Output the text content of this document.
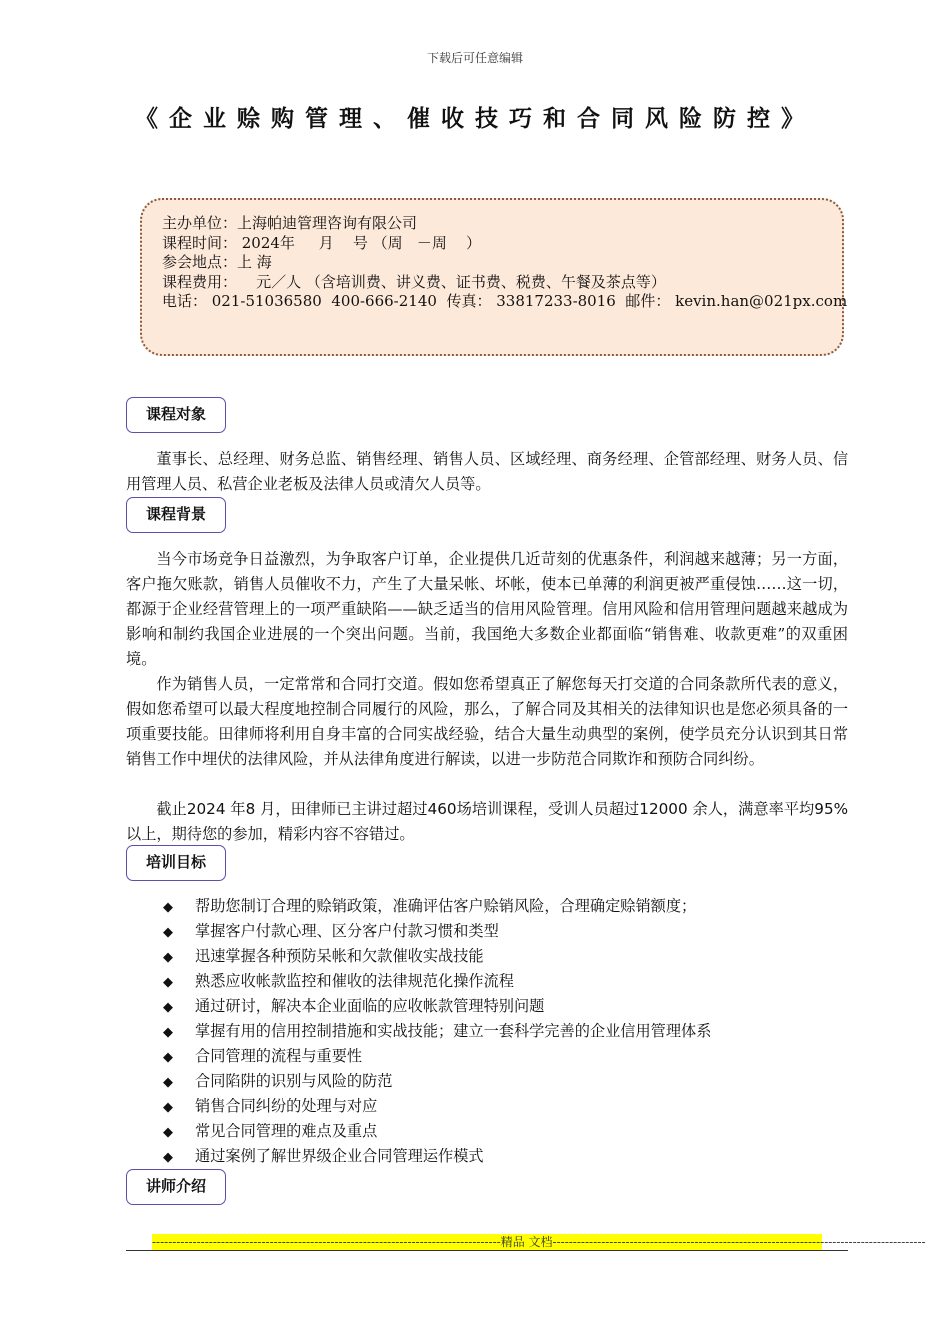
下载后可任意编辑
《企业赊购管理、催收技巧和合同风险防控》
主办单位：上海帕迪管理咨询有限公司
课程时间： 2024年     月    号 （周   －周    ）
参会地点：上 海
课程费用：    元／人 （含培训费、讲义费、证书费、税费、午餐及茶点等）
电话： 021-51036580  400-666-2140  传真： 33817233-8016  邮件： kevin.han@021px.com
课程对象

董事长、总经理、财务总监、销售经理、销售人员、区域经理、商务经理、企管部经理、财务人员、信用管理人员、私营企业老板及法律人员或清欠人员等。

课程背景

当今市场竞争日益激烈，为争取客户订单，企业提供几近苛刻的优惠条件，利润越来越薄；另一方面，客户拖欠账款，销售人员催收不力，产生了大量呆帐、坏帐，使本已单薄的利润更被严重侵蚀……这一切，都源于企业经营管理上的一项严重缺陷——缺乏适当的信用风险管理。信用风险和信用管理问题越来越成为影响和制约我国企业进展的一个突出问题。当前，我国绝大多数企业都面临“销售难、收款更难”的双重困境。

作为销售人员，一定常常和合同打交道。假如您希望真正了解您每天打交道的合同条款所代表的意义，假如您希望可以最大程度地控制合同履行的风险，那么，了解合同及其相关的法律知识也是您必须具备的一项重要技能。田律师将利用自身丰富的合同实战经验，结合大量生动典型的案例，使学员充分认识到其日常销售工作中埋伏的法律风险，并从法律角度进行解读，以进一步防范合同欺诈和预防合同纠纷。

截止2024 年8 月，田律师已主讲过超过460场培训课程，受训人员超过12000 余人，满意率平均95% 以上，期待您的参加，精彩内容不容错过。

培训目标
◆ 帮助您制订合理的赊销政策，准确评估客户赊销风险，合理确定赊销额度；
◆ 掌握客户付款心理、区分客户付款习惯和类型
◆ 迅速掌握各种预防呆帐和欠款催收实战技能
◆ 熟悉应收帐款监控和催收的法律规范化操作流程
◆ 通过研讨，解决本企业面临的应收帐款管理特别问题
◆ 掌握有用的信用控制措施和实战技能；建立一套科学完善的企业信用管理体系
◆ 合同管理的流程与重要性
◆ 合同陷阱的识别与风险的防范
◆ 销售合同纠纷的处理与对应
◆ 常见合同管理的难点及重点
◆ 通过案例了解世界级企业合同管理运作模式
讲师介绍
--------------------------------------------------------------------------------------精品 文档--------------------------------------------------------------------------------------------
